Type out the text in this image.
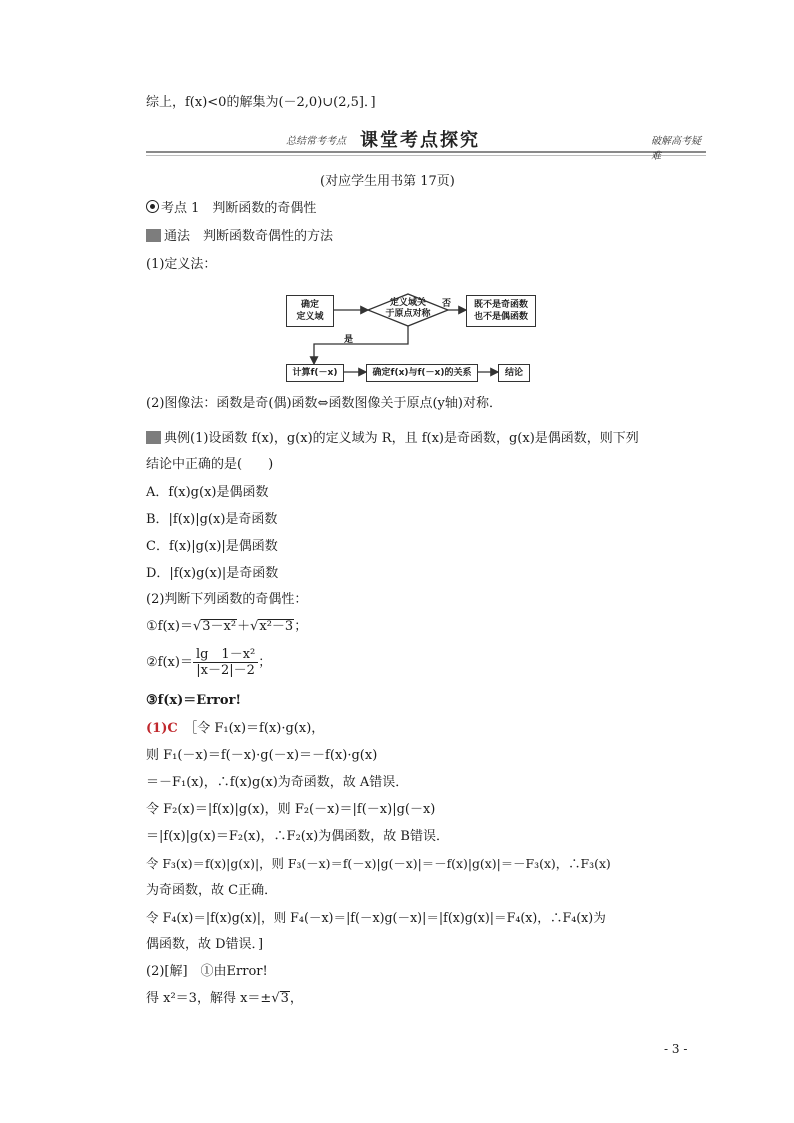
综上，f(x)<0的解集为(－2,0)∪(2,5]．]
总结常考考点 课堂考点探究	破解高考疑难
(对应学生用书第 17页)
考点 1　判断函数的奇偶性
通法　 判断函数奇偶性的方法
(1)定义法：
确定
定义域
定义域关
于原点对称
否	既不是奇函数
也不是偶函数
是
计算f(－x)	确定f(x)与f(－x)的关系	结论
(2)图像法：函数是奇(偶)函数⇔函数图像关于原点(y轴)对称．
典例(1)设函数 f(x)，g(x)的定义域为 R，且 f(x)是奇函数，g(x)是偶函数，则下列
结论中正确的是(　　)
A．f(x)g(x)是偶函数
B．|f(x)|g(x)是奇函数
C．f(x)|g(x)|是偶函数
D．|f(x)g(x)|是奇函数
(2)判断下列函数的奇偶性：
①f(x)＝√3－x²＋√x²－3；
②f(x)＝ $\frac{\text{lg　1－x²}}{|x-2|-2}$ ；
③f(x)＝Error!
(1)C　 ［令 F₁(x)＝f(x)·g(x)，
则 F₁(－x)＝f(－x)·g(－x)＝－f(x)·g(x)
＝－F₁(x)，∴f(x)g(x)为奇函数，故 A错误．
令 F₂(x)＝|f(x)|g(x)，则 F₂(－x)＝|f(－x)|g(－x)
＝|f(x)|g(x)＝F₂(x)，∴F₂(x)为偶函数，故 B错误．
令 F₃(x)＝f(x)|g(x)|，则 F₃(－x)＝f(－x)|g(－x)|＝－f(x)|g(x)|＝－F₃(x)，∴F₃(x)
为奇函数，故 C正确．
令 F₄(x)＝|f(x)g(x)|，则 F₄(－x)＝|f(－x)g(－x)|＝|f(x)g(x)|＝F₄(x)，∴F₄(x)为
偶函数，故 D错误．]
(2)[解]　①由Error!
得 x²＝3，解得 x＝±√3，
- 3 -
